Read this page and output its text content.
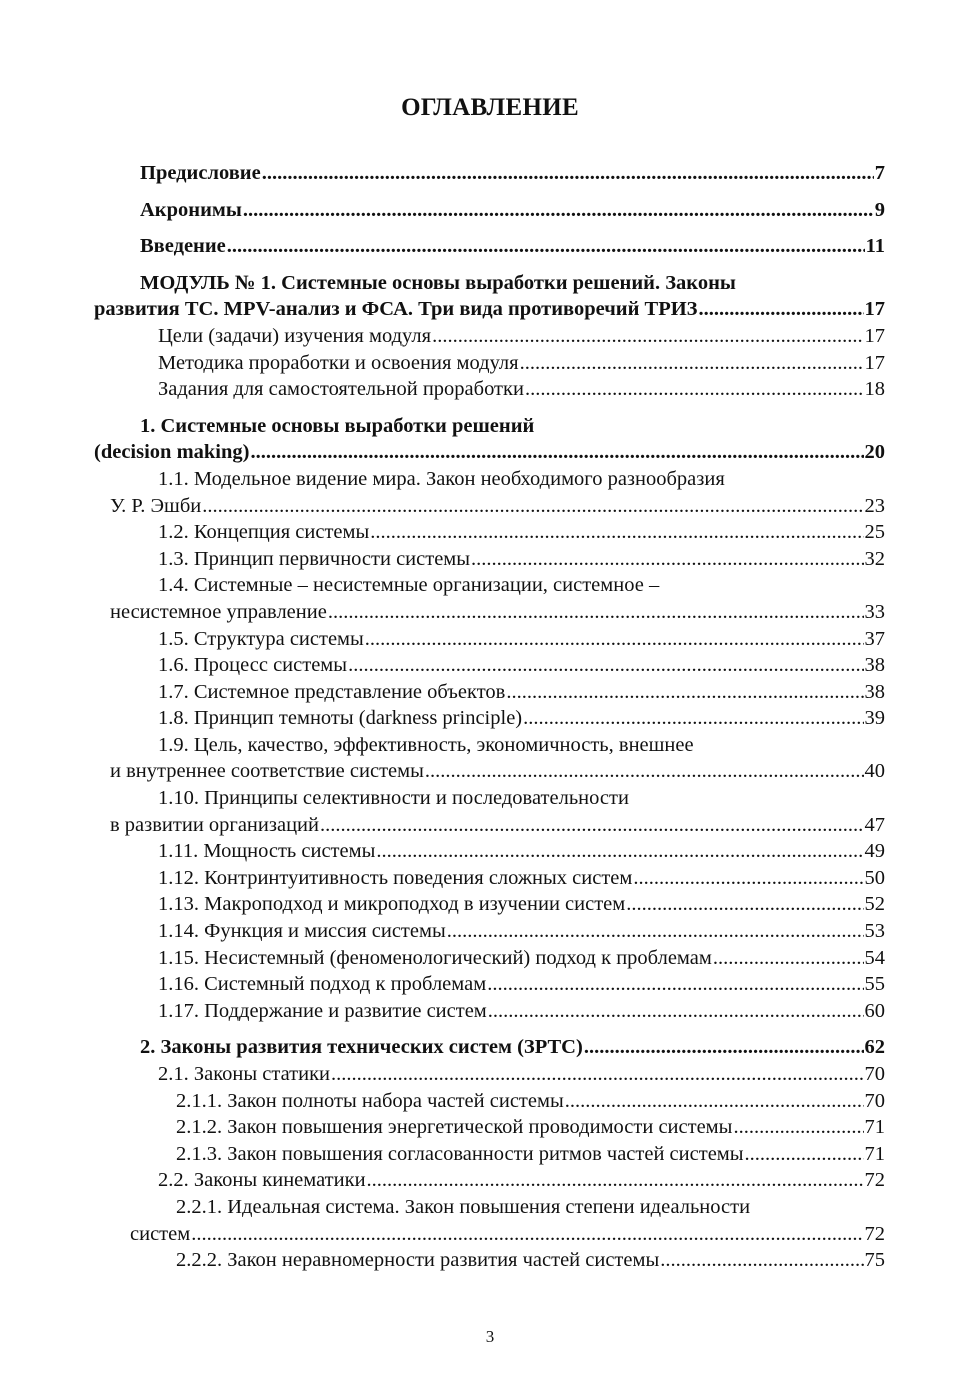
ОГЛАВЛЕНИЕ
Предисловие .....	7
Акронимы .....	9
Введение .....	11
МОДУЛЬ № 1. Системные основы выработки решений. Законы
развития ТС. MPV-анализ и ФСА. Три вида противоречий ТРИЗ .....	17
Цели (задачи) изучения модуля .....	17
Методика проработки и освоения модуля .....	17
Задания для самостоятельной проработки .....	18
1. Системные основы выработки решений
(decision making) .....	20
1.1. Модельное видение мира. Закон необходимого разнообразия
У. Р. Эшби .....	23
1.2. Концепция системы .....	25
1.3. Принцип первичности системы .....	32
1.4. Системные – несистемные организации, системное –
несистемное управление .....	33
1.5. Структура системы .....	37
1.6. Процесс системы .....	38
1.7. Системное представление объектов .....	38
1.8. Принцип темноты (darkness principle) .....	39
1.9. Цель, качество, эффективность, экономичность, внешнее
и внутреннее соответствие системы .....	40
1.10. Принципы селективности и последовательности
в развитии организаций .....	47
1.11. Мощность системы .....	49
1.12. Контринтуитивность поведения сложных систем .....	50
1.13. Макроподход и микроподход в изучении систем .....	52
1.14. Функция и миссия системы .....	53
1.15. Несистемный (феноменологический) подход к проблемам .....	54
1.16. Системный подход к проблемам .....	55
1.17. Поддержание и развитие систем .....	60
2. Законы развития технических систем (ЗРТС) .....	62
2.1. Законы статики .....	70
2.1.1. Закон полноты набора частей системы .....	70
2.1.2. Закон повышения энергетической проводимости системы .....	71
2.1.3. Закон повышения согласованности ритмов частей системы .....	71
2.2. Законы кинематики .....	72
2.2.1. Идеальная система. Закон повышения степени идеальности
систем .....	72
2.2.2. Закон неравномерности развития частей системы .....	75
3
